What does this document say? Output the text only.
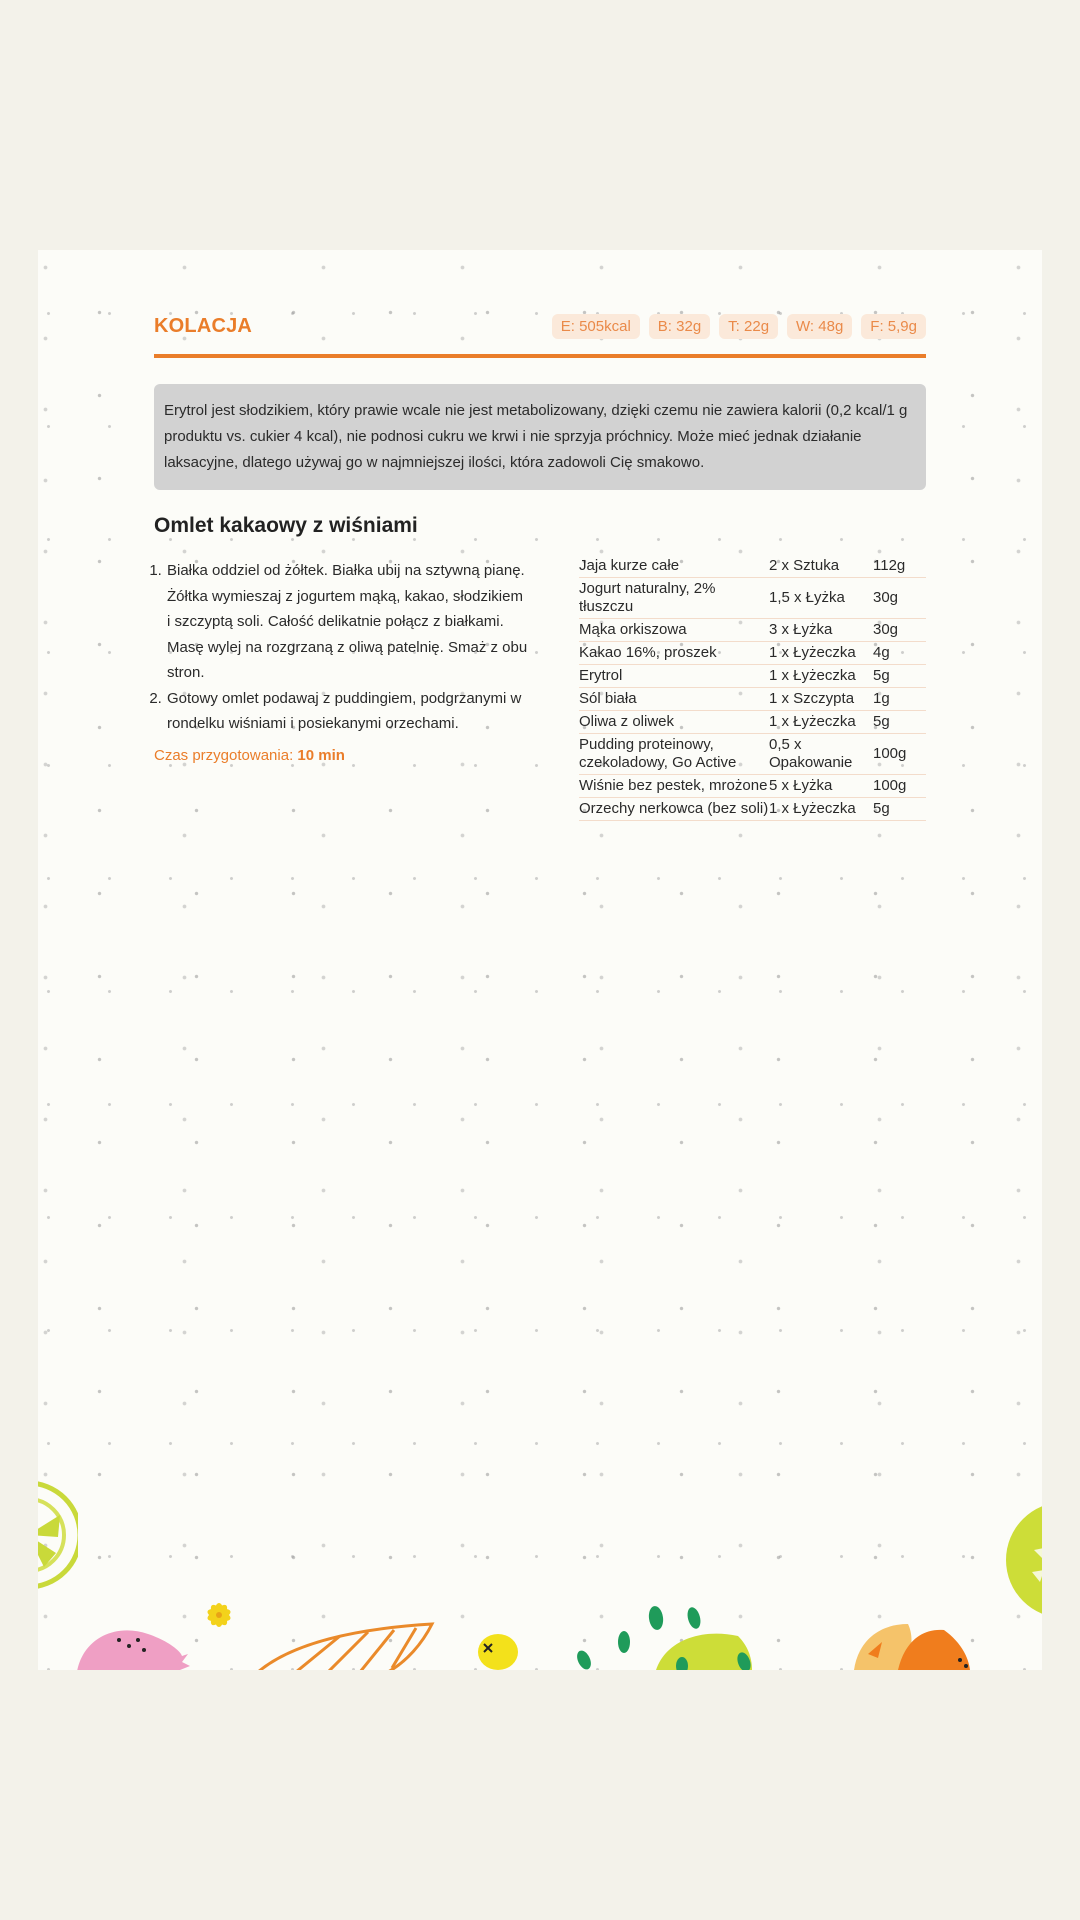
KOLACJA	E: 505kcal	B: 32g	T: 22g	W: 48g	F: 5,9g
Erytrol jest słodzikiem, który prawie wcale nie jest metabolizowany, dzięki czemu nie zawiera kalorii (0,2 kcal/1 g produktu vs. cukier 4 kcal), nie podnosi cukru we krwi i nie sprzyja próchnicy. Może mieć jednak działanie laksacyjne, dlatego używaj go w najmniejszej ilości, która zadowoli Cię smakowo.
Omlet kakaowy z wiśniami
1. Białka oddziel od żółtek. Białka ubij na sztywną pianę. Żółtka wymieszaj z jogurtem mąką, kakao, słodzikiem i szczyptą soli. Całość delikatnie połącz z białkami. Masę wylej na rozgrzaną z oliwą patelnię. Smaż z obu stron.
2. Gotowy omlet podawaj z puddingiem, podgrzanymi w rondelku wiśniami i posiekanymi orzechami.
Czas przygotowania: 10 min
Jaja kurze całe	2 x Sztuka	112g
Jogurt naturalny, 2% tłuszczu	1,5 x Łyżka	30g
Mąka orkiszowa	3 x Łyżka	30g
Kakao 16%, proszek	1 x Łyżeczka	4g
Erytrol	1 x Łyżeczka	5g
Sól biała	1 x Szczypta	1g
Oliwa z oliwek	1 x Łyżeczka	5g
Pudding proteinowy, czekoladowy, Go Active	0,5 x Opakowanie	100g
Wiśnie bez pestek, mrożone	5 x Łyżka	100g
Orzechy nerkowca (bez soli)	1 x Łyżeczka	5g
